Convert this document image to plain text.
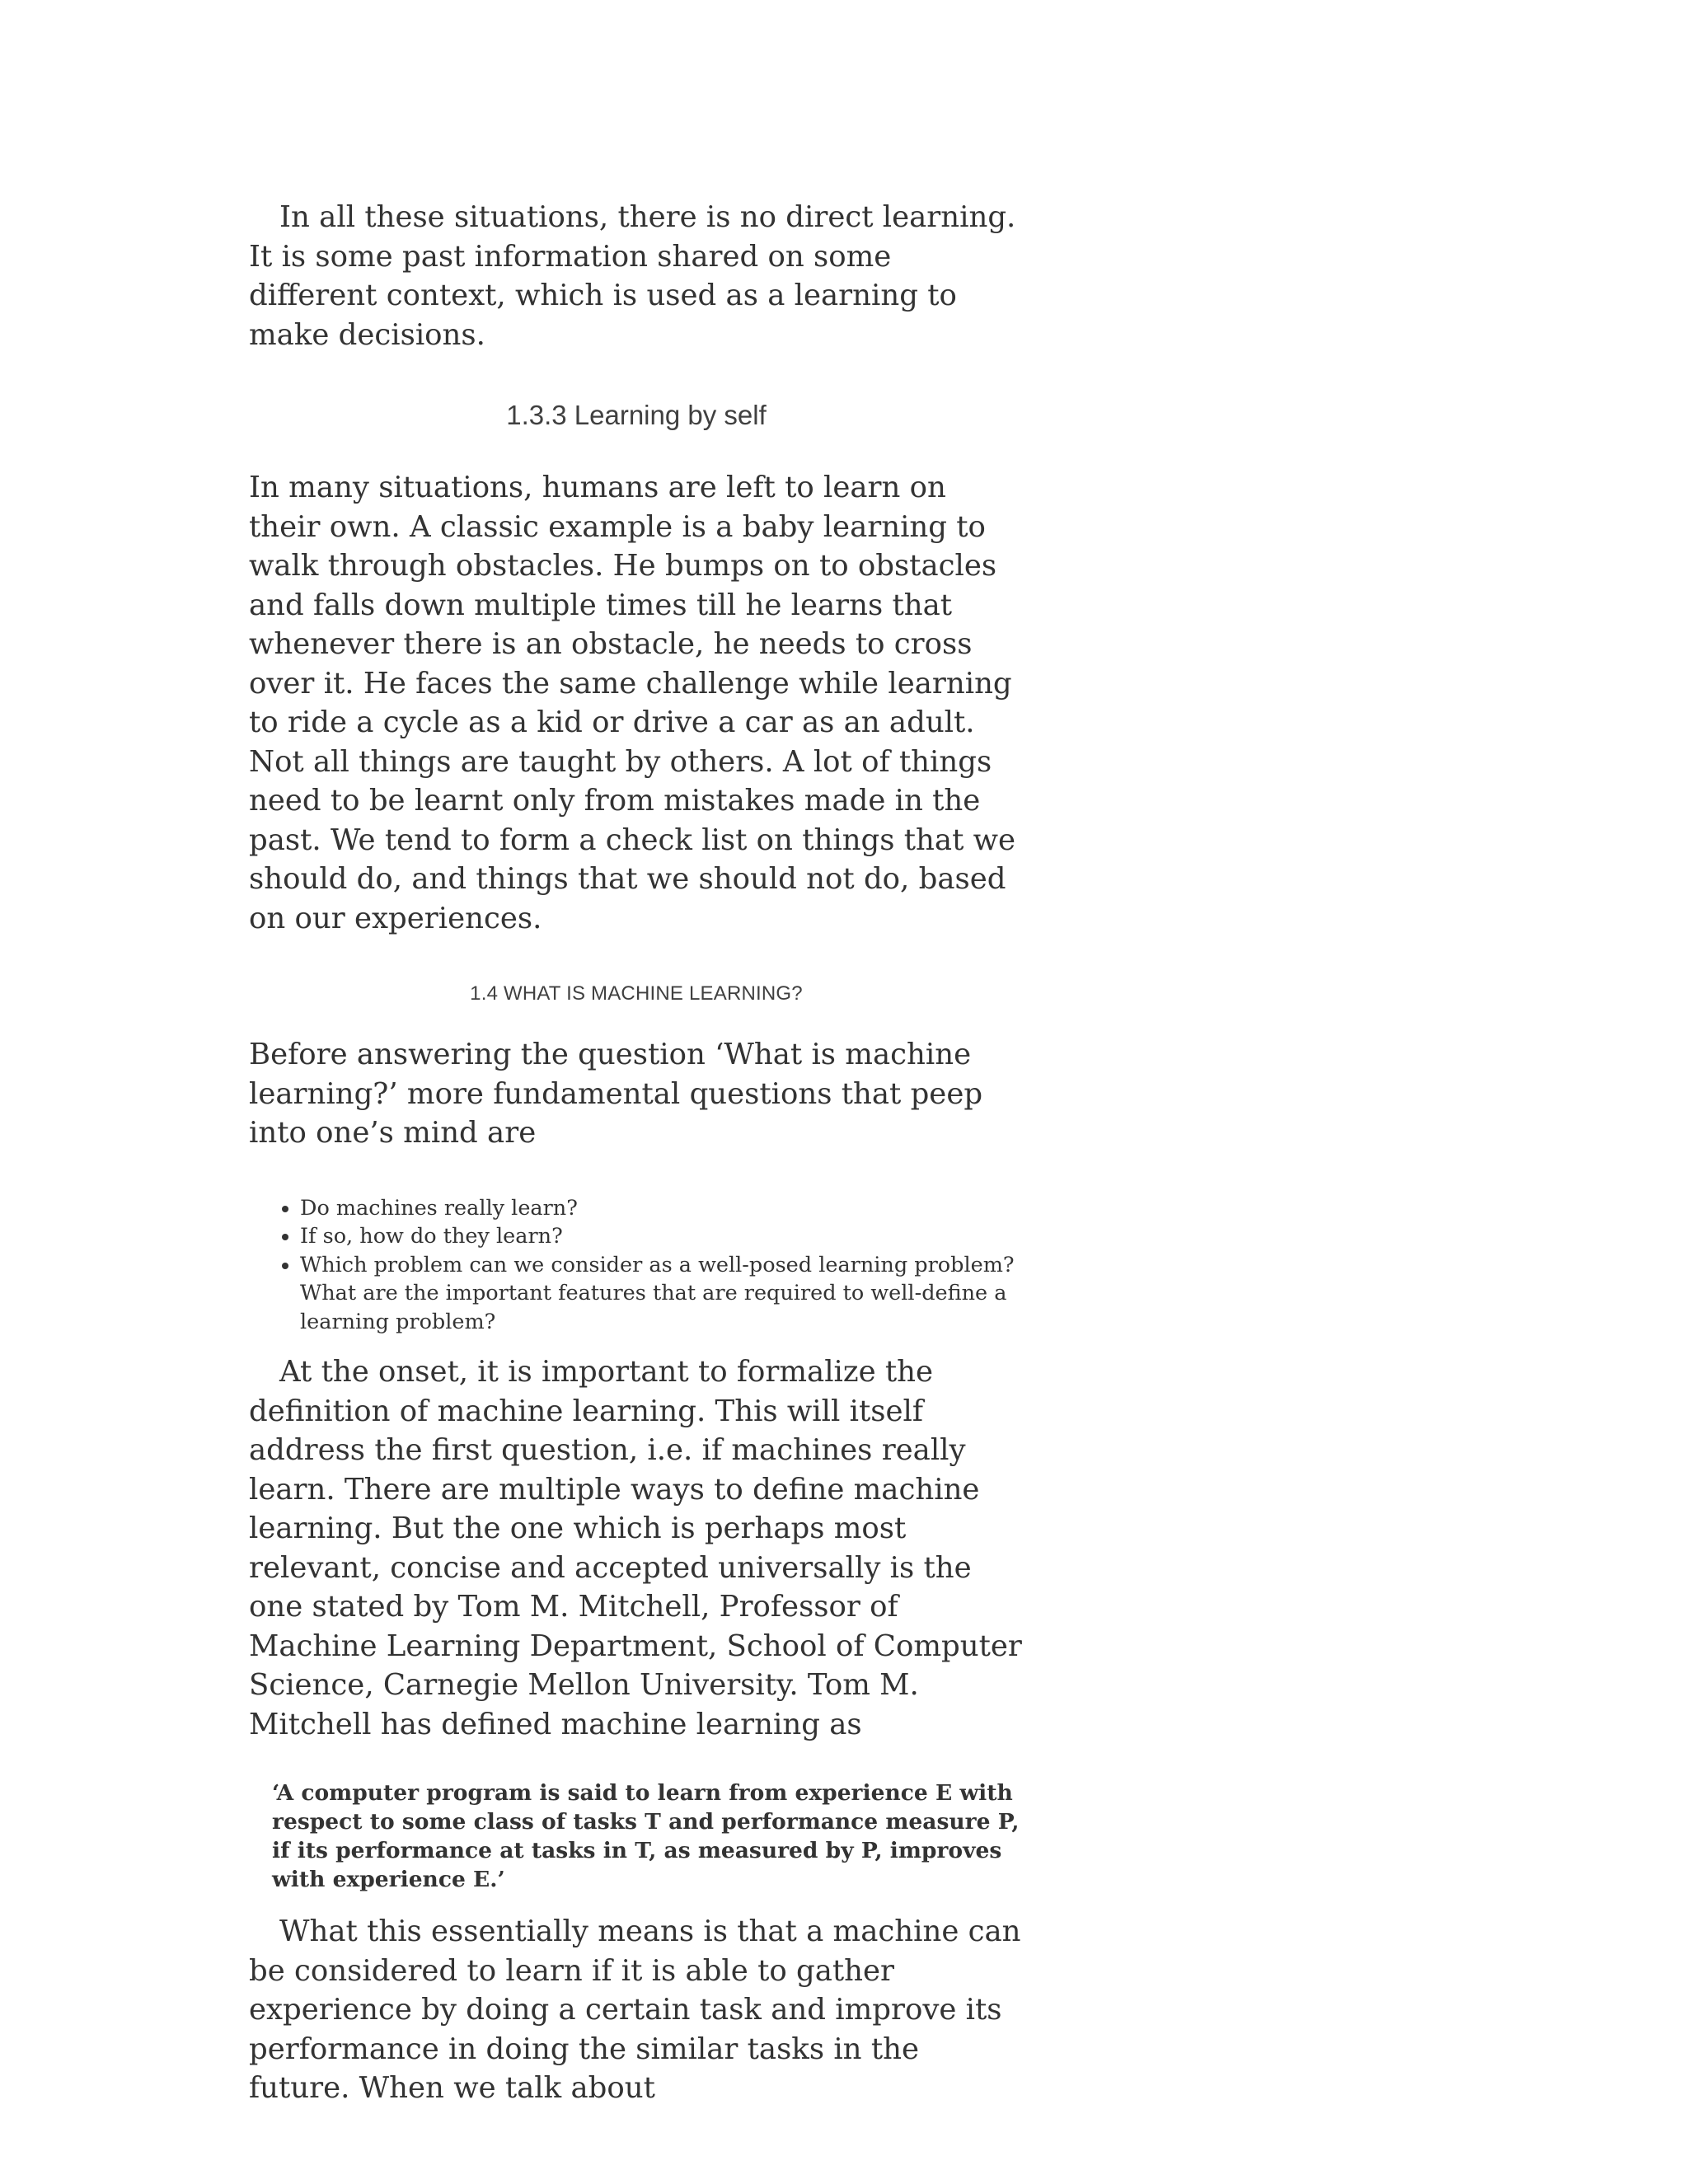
In all these situations, there is no direct learning. It is some past information shared on some different context, which is used as a learning to make decisions.

1.3.3 Learning by self

In many situations, humans are left to learn on their own. A classic example is a baby learning to walk through obstacles. He bumps on to obstacles and falls down multiple times till he learns that whenever there is an obstacle, he needs to cross over it. He faces the same challenge while learning to ride a cycle as a kid or drive a car as an adult. Not all things are taught by others. A lot of things need to be learnt only from mistakes made in the past. We tend to form a check list on things that we should do, and things that we should not do, based on our experiences.

1.4 WHAT IS MACHINE LEARNING?

Before answering the question ‘What is machine learning?’ more fundamental questions that peep into one’s mind are

• Do machines really learn?
• If so, how do they learn?
• Which problem can we consider as a well-posed learning problem? What are the important features that are required to well-define a learning problem?

At the onset, it is important to formalize the definition of machine learning. This will itself address the first question, i.e. if machines really learn. There are multiple ways to define machine learning. But the one which is perhaps most relevant, concise and accepted universally is the one stated by Tom M. Mitchell, Professor of Machine Learning Department, School of Computer Science, Carnegie Mellon University. Tom M. Mitchell has defined machine learning as

‘A computer program is said to learn from experience E with respect to some class of tasks T and performance measure P, if its performance at tasks in T, as measured by P, improves with experience E.’

What this essentially means is that a machine can be considered to learn if it is able to gather experience by doing a certain task and improve its performance in doing the similar tasks in the future. When we talk about
